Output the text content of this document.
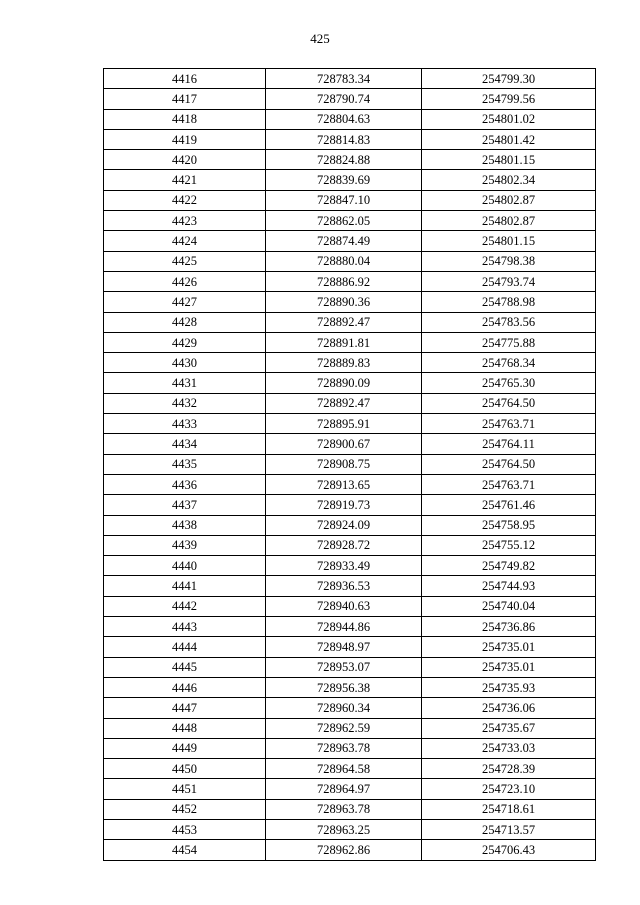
425
4416	728783.34	254799.30
4417	728790.74	254799.56
4418	728804.63	254801.02
4419	728814.83	254801.42
4420	728824.88	254801.15
4421	728839.69	254802.34
4422	728847.10	254802.87
4423	728862.05	254802.87
4424	728874.49	254801.15
4425	728880.04	254798.38
4426	728886.92	254793.74
4427	728890.36	254788.98
4428	728892.47	254783.56
4429	728891.81	254775.88
4430	728889.83	254768.34
4431	728890.09	254765.30
4432	728892.47	254764.50
4433	728895.91	254763.71
4434	728900.67	254764.11
4435	728908.75	254764.50
4436	728913.65	254763.71
4437	728919.73	254761.46
4438	728924.09	254758.95
4439	728928.72	254755.12
4440	728933.49	254749.82
4441	728936.53	254744.93
4442	728940.63	254740.04
4443	728944.86	254736.86
4444	728948.97	254735.01
4445	728953.07	254735.01
4446	728956.38	254735.93
4447	728960.34	254736.06
4448	728962.59	254735.67
4449	728963.78	254733.03
4450	728964.58	254728.39
4451	728964.97	254723.10
4452	728963.78	254718.61
4453	728963.25	254713.57
4454	728962.86	254706.43
